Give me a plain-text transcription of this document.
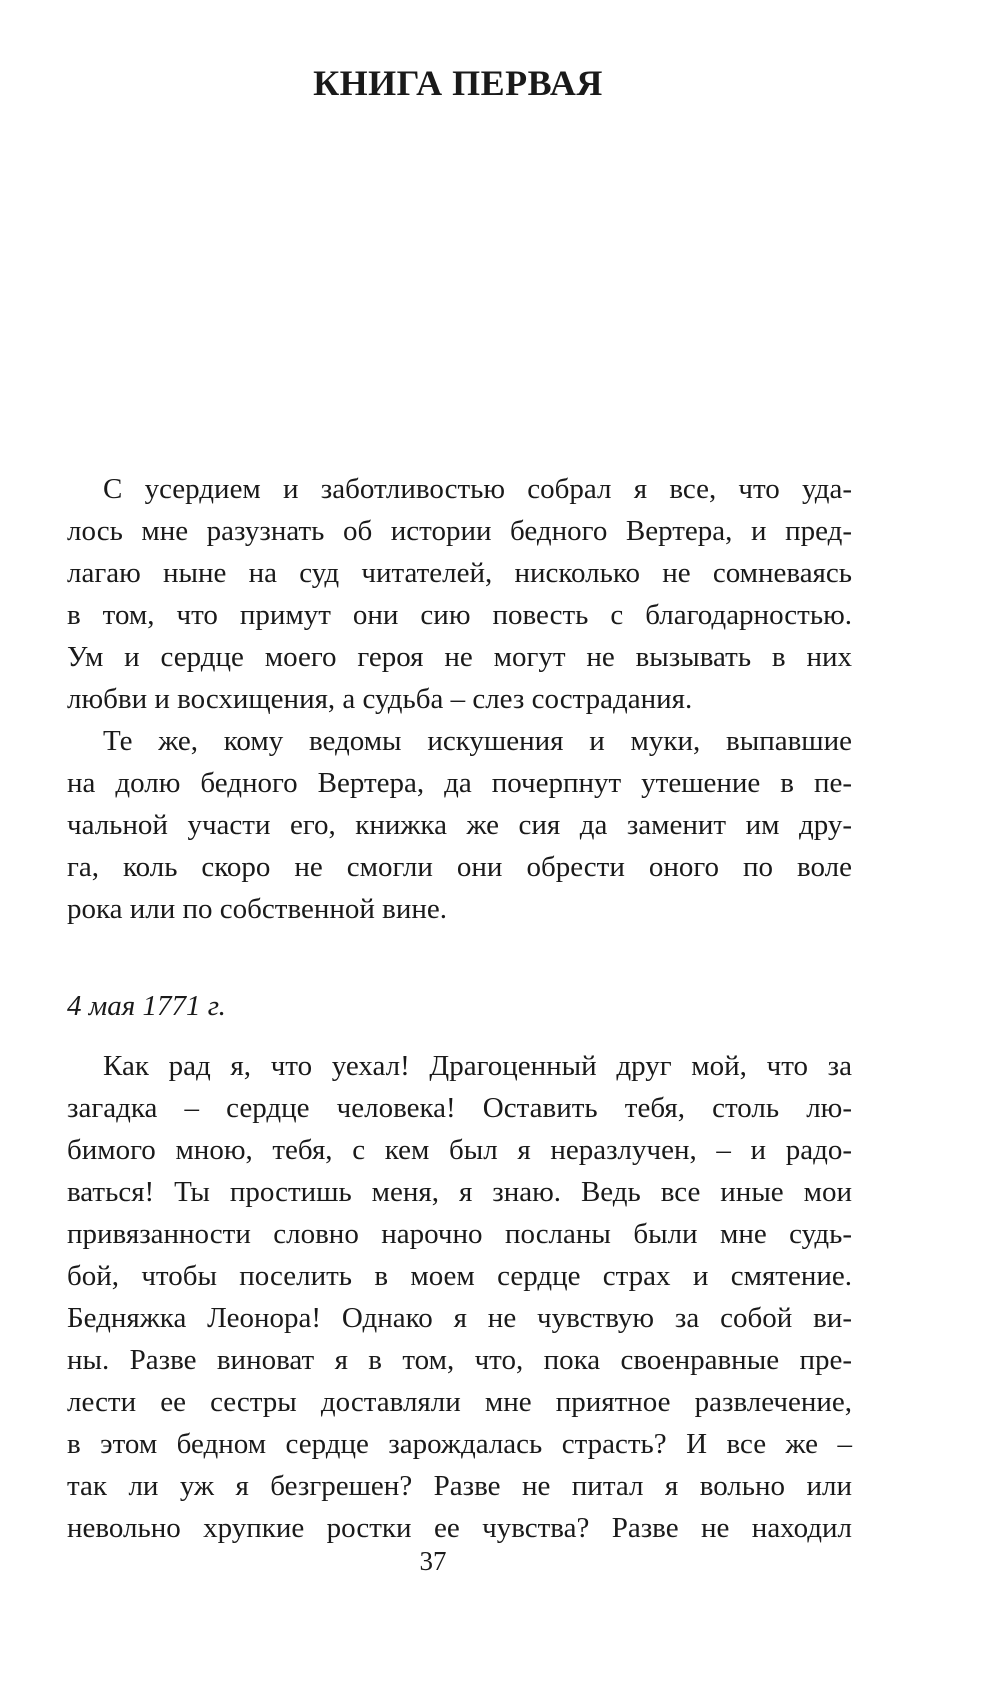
КНИГА ПЕРВАЯ
С усердием и заботливостью собрал я все, что уда-
лось мне разузнать об истории бедного Вертера, и пред-
лагаю ныне на суд читателей, нисколько не сомневаясь
в том, что примут они сию повесть с благодарностью.
Ум и сердце моего героя не могут не вызывать в них
любви и восхищения, а судьба – слез сострадания.
Те же, кому ведомы искушения и муки, выпавшие
на долю бедного Вертера, да почерпнут утешение в пе-
чальной участи его, книжка же сия да заменит им дру-
га, коль скоро не смогли они обрести оного по воле
рока или по собственной вине.
4 мая 1771 г.
Как рад я, что уехал! Драгоценный друг мой, что за
загадка – сердце человека! Оставить тебя, столь лю-
бимого мною, тебя, с кем был я неразлучен, – и радо-
ваться! Ты простишь меня, я знаю. Ведь все иные мои
привязанности словно нарочно посланы были мне судь-
бой, чтобы поселить в моем сердце страх и смятение.
Бедняжка Леонора! Однако я не чувствую за собой ви-
ны. Разве виноват я в том, что, пока своенравные пре-
лести ее сестры доставляли мне приятное развлечение,
в этом бедном сердце зарождалась страсть? И все же –
так ли уж я безгрешен? Разве не питал я вольно или
невольно хрупкие ростки ее чувства? Разве не находил
37
